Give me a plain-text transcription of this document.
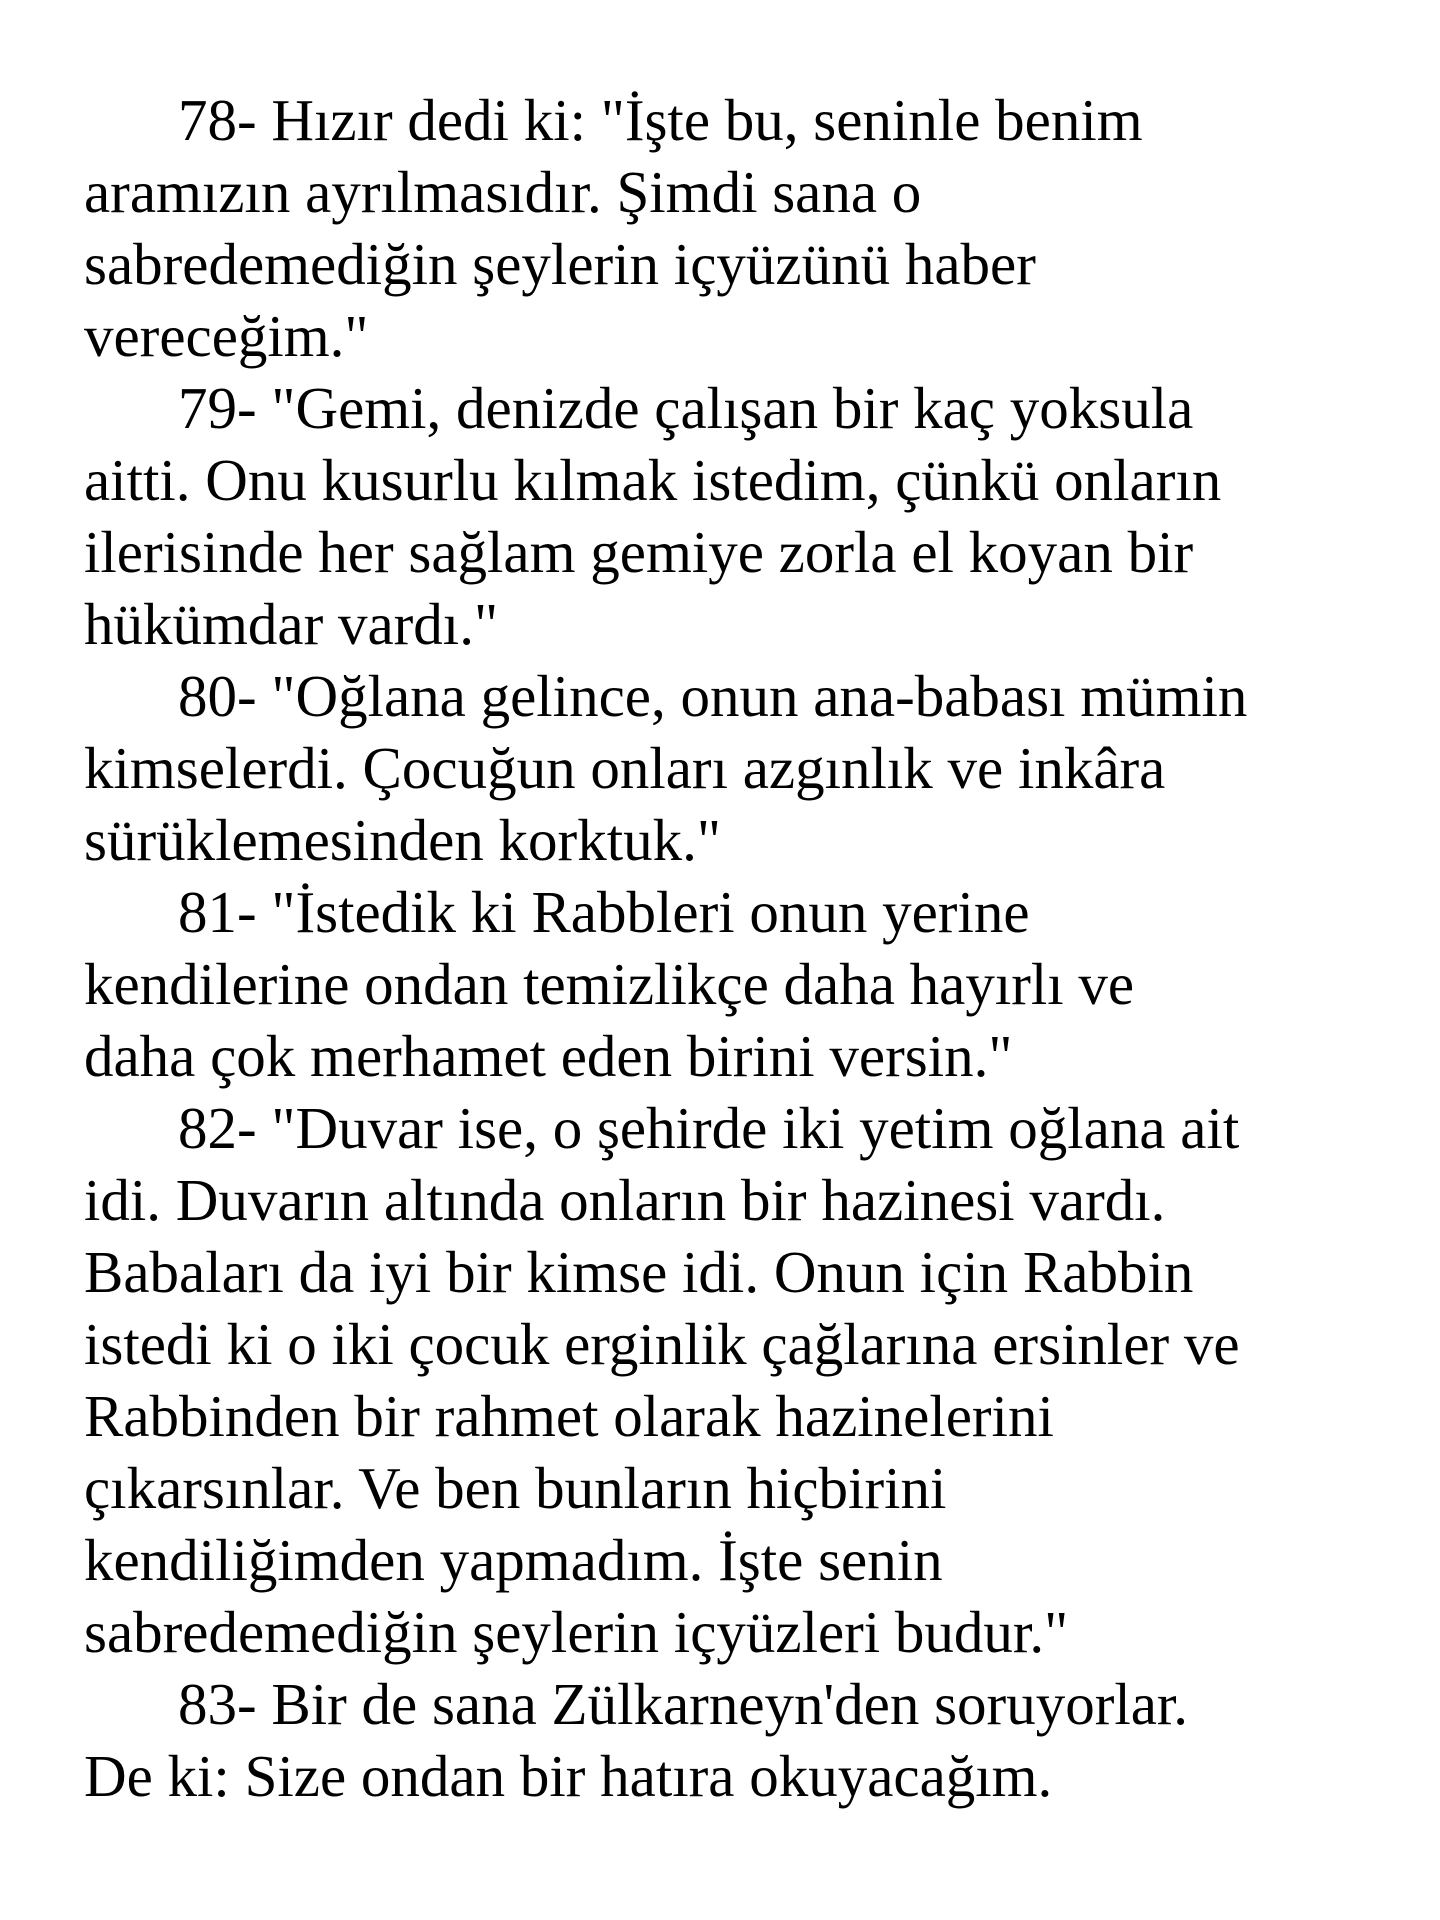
78- Hızır dedi ki: "İşte bu, seninle benim
aramızın ayrılmasıdır. Şimdi sana o
sabredemediğin şeylerin içyüzünü haber
vereceğim."
79- "Gemi, denizde çalışan bir kaç yoksula
aitti. Onu kusurlu kılmak istedim, çünkü onların
ilerisinde her sağlam gemiye zorla el koyan bir
hükümdar vardı."
80- "Oğlana gelince, onun ana-babası mümin
kimselerdi. Çocuğun onları azgınlık ve inkâra
sürüklemesinden korktuk."
81- "İstedik ki Rabbleri onun yerine
kendilerine ondan temizlikçe daha hayırlı ve
daha çok merhamet eden birini versin."
82- "Duvar ise, o şehirde iki yetim oğlana ait
idi. Duvarın altında onların bir hazinesi vardı.
Babaları da iyi bir kimse idi. Onun için Rabbin
istedi ki o iki çocuk erginlik çağlarına ersinler ve
Rabbinden bir rahmet olarak hazinelerini
çıkarsınlar. Ve ben bunların hiçbirini
kendiliğimden yapmadım. İşte senin
sabredemediğin şeylerin içyüzleri budur."
83- Bir de sana Zülkarneyn'den soruyorlar.
De ki: Size ondan bir hatıra okuyacağım.
